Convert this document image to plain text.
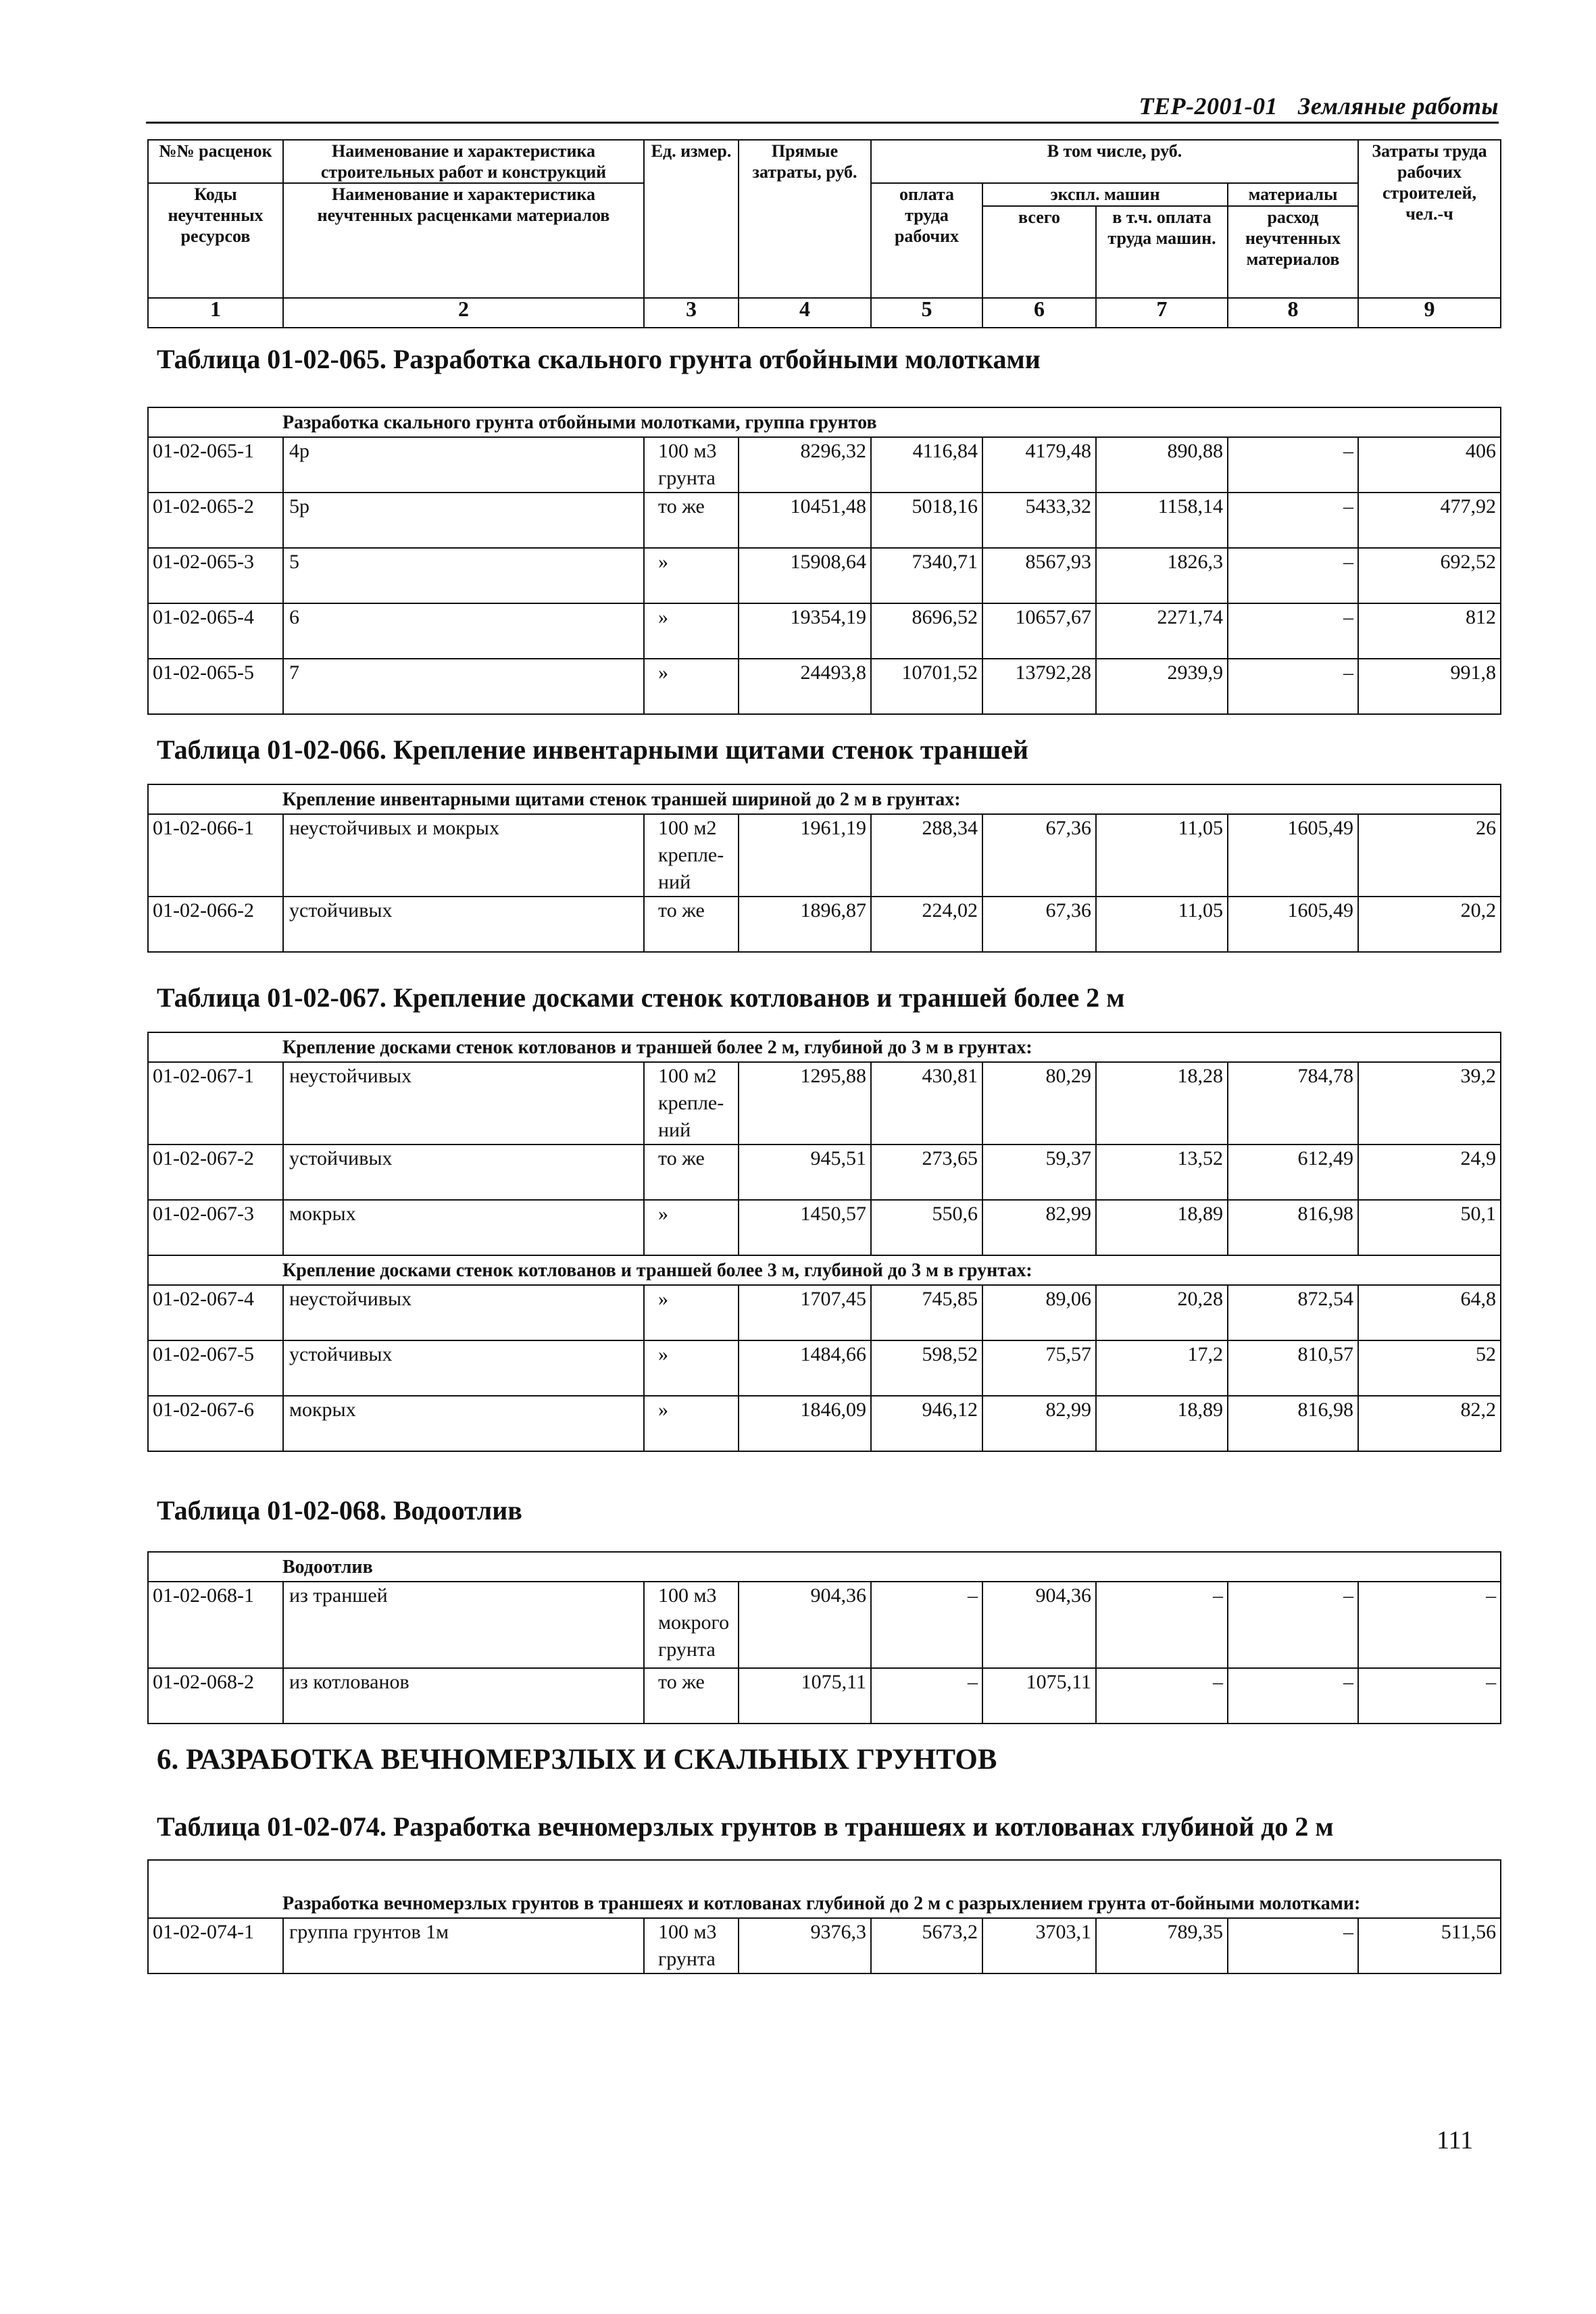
ТЕР-2001-01 Земляные работы
№№ расценок	Наименование и характеристика строительных работ и конструкций	Ед. измер.	Прямые затраты, руб.	В том числе, руб.				Затраты труда рабочих строителей, чел.-ч
Коды неучтенных ресурсов	Наименование и характеристика неучтенных расценками материалов			оплата труда рабочих	экспл. машин		материалы	
					всего	в т.ч. оплата труда машин.	расход неучтенных материалов	
1	2	3	4	5	6	7	8	9
Таблица 01-02-065. Разработка скального грунта отбойными молотками
Разработка скального грунта отбойными молотками, группа грунтов								
01-02-065-1	4р	100 м3 грунта	8296,32	4116,84	4179,48	890,88	–	406
01-02-065-2	5р	то же	10451,48	5018,16	5433,32	1158,14	–	477,92
01-02-065-3	5	»	15908,64	7340,71	8567,93	1826,3	–	692,52
01-02-065-4	6	»	19354,19	8696,52	10657,67	2271,74	–	812
01-02-065-5	7	»	24493,8	10701,52	13792,28	2939,9	–	991,8
Таблица 01-02-066. Крепление инвентарными щитами стенок траншей
Крепление инвентарными щитами стенок траншей шириной до 2 м в грунтах:								
01-02-066-1	неустойчивых и мокрых	100 м2 крепле-ний	1961,19	288,34	67,36	11,05	1605,49	26
01-02-066-2	устойчивых	то же	1896,87	224,02	67,36	11,05	1605,49	20,2
Таблица 01-02-067. Крепление досками стенок котлованов и траншей более 2 м
Крепление досками стенок котлованов и траншей более 2 м, глубиной до 3 м в грунтах:								
01-02-067-1	неустойчивых	100 м2 крепле-ний	1295,88	430,81	80,29	18,28	784,78	39,2
01-02-067-2	устойчивых	то же	945,51	273,65	59,37	13,52	612,49	24,9
01-02-067-3	мокрых	»	1450,57	550,6	82,99	18,89	816,98	50,1
Крепление досками стенок котлованов и траншей более 3 м, глубиной до 3 м в грунтах:								
01-02-067-4	неустойчивых	»	1707,45	745,85	89,06	20,28	872,54	64,8
01-02-067-5	устойчивых	»	1484,66	598,52	75,57	17,2	810,57	52
01-02-067-6	мокрых	»	1846,09	946,12	82,99	18,89	816,98	82,2
Таблица 01-02-068. Водоотлив
Водоотлив								
01-02-068-1	из траншей	100 м3 мокрого грунта	904,36	–	904,36	–	–	–
01-02-068-2	из котлованов	то же	1075,11	–	1075,11	–	–	–
6. РАЗРАБОТКА ВЕЧНОМЕРЗЛЫХ И СКАЛЬНЫХ ГРУНТОВ
Таблица 01-02-074. Разработка вечномерзлых грунтов в траншеях и котлованах глубиной до 2 м
Разработка вечномерзлых грунтов в траншеях и котлованах глубиной до 2 м с разрыхлением грунта от-бойными молотками:
01-02-074-1	группа грунтов 1м	100 м3 грунта	9376,3	5673,2	3703,1	789,35	–	511,56
111
